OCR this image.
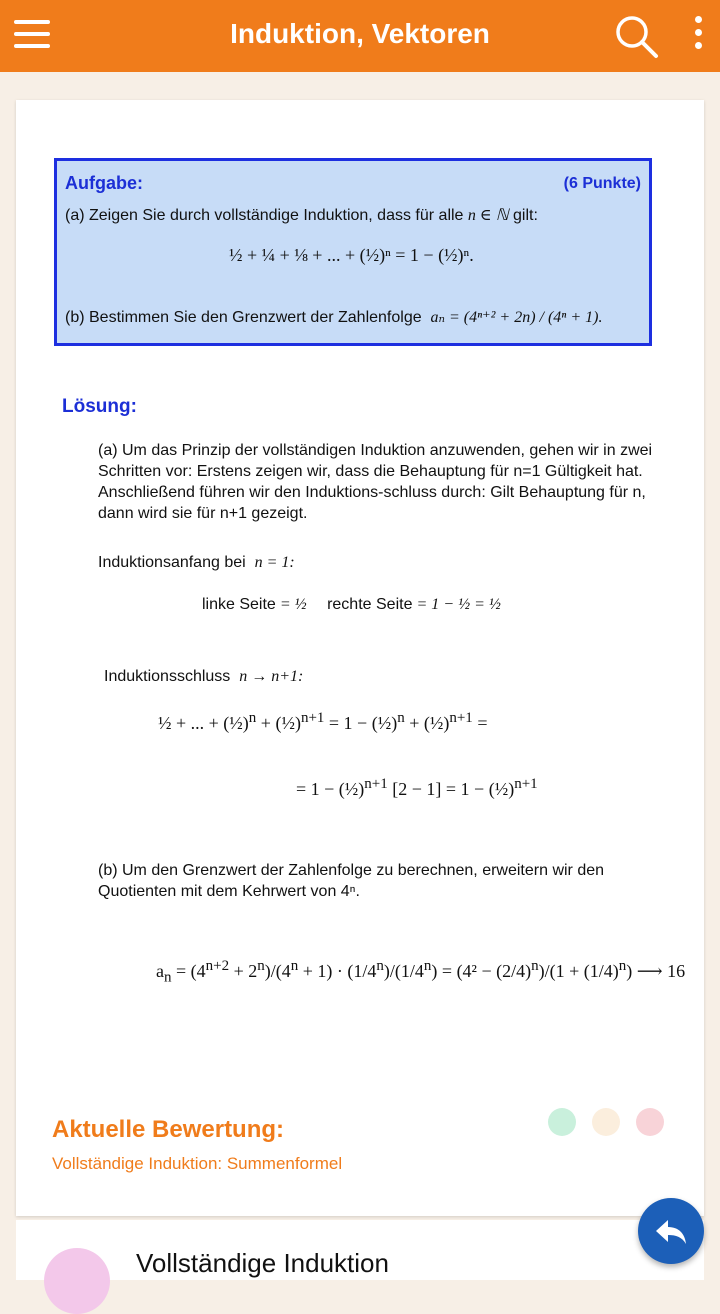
Induktion, Vektoren
Aufgabe:	(6 Punkte)
(a) Zeigen Sie durch vollständige Induktion, dass für alle n ∈ ℕ gilt:
½ + ¼ + ⅛ + ... + (½)ⁿ = 1 − (½)ⁿ.
(b) Bestimmen Sie den Grenzwert der Zahlenfolge aₙ = (4ⁿ⁺² + 2n) / (4ⁿ + 1).
Lösung:
(a) Um das Prinzip der vollständigen Induktion anzuwenden, gehen wir in zwei Schritten vor: Erstens zeigen wir, dass die Behauptung für n=1 Gültigkeit hat. Anschließend führen wir den Induktions-schluss durch: Gilt Behauptung für n, dann wird sie für n+1 gezeigt.
Induktionsanfang bei n = 1:
linke Seite = ½     rechte Seite = 1 − ½ = ½
Induktionsschluss n → n+1:
½ + ... + (½)$^n$ + (½)$^{n+1}$ = 1 − (½)$^n$ + (½)$^{n+1}$ =
= 1 − (½)$^{n+1}$ [2 − 1] = 1 − (½)$^{n+1}$
(b) Um den Grenzwert der Zahlenfolge zu berechnen, erweitern wir den Quotienten mit dem Kehrwert von 4ⁿ.
$a_n = (4^{n+2} + 2^n)/(4^n + 1) \cdot (1/4^n)/(1/4^n) = (4^2 - (2/4)^n)/(1 + (1/4)^n)$ ⟶ 16
Aktuelle Bewertung:
Vollständige Induktion: Summenformel
Vollständige Induktion
